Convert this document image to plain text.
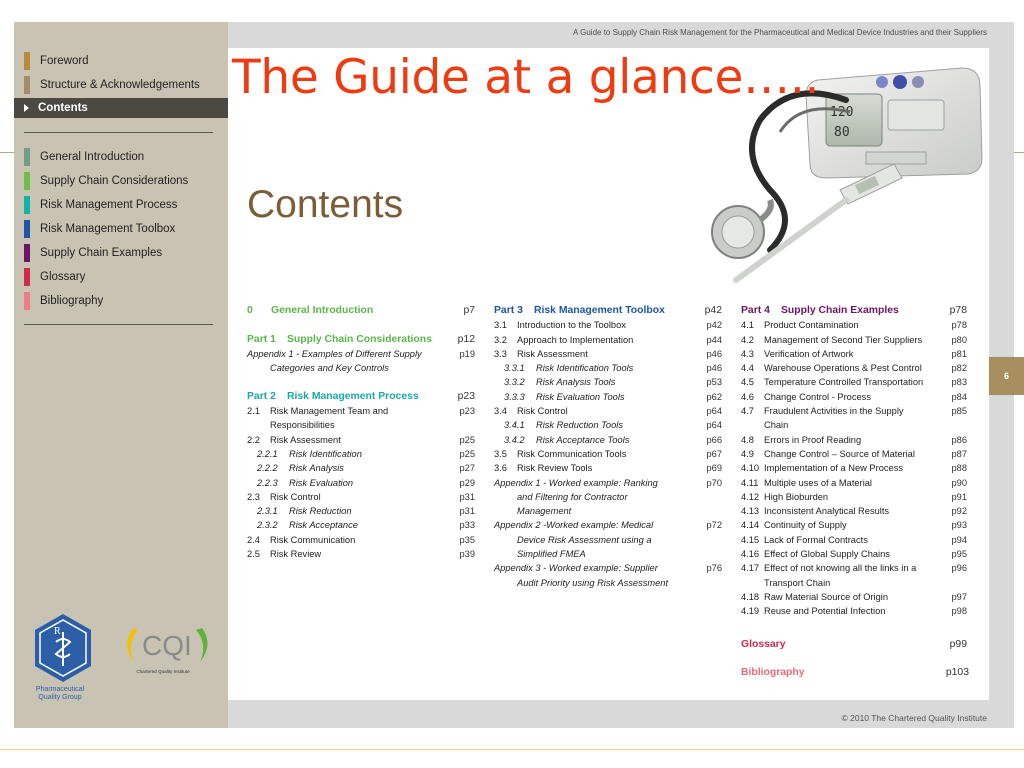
A Guide to Supply Chain Risk Management for the Pharmaceutical and Medical Device Industries and their Suppliers
© 2010 The Chartered Quality Institute
6
Foreword
Structure & Acknowledgements
Contents
General Introduction
Supply Chain Considerations
Risk Management Process
Risk Management Toolbox
Supply Chain Examples
Glossary
Bibliography
R
Pharmaceutical
Quality Group
CQI
Chartered Quality Institute
120
80
The Guide at a glance…..
Contents
0 General Introduction	p7
Part 1 Supply Chain Considerations p12
Appendix 1 - Examples of Different Supply	p19
Categories and Key Controls
Part 2 Risk Management Process	p23
2.1 Risk Management Team and	p23
Responsibilities
2.2 Risk Assessment	p25
2.2.1 Risk Identification	p25
2.2.2 Risk Analysis	p27
2.2.3 Risk Evaluation	p29
2.3 Risk Control	p31
2.3.1 Risk Reduction	p31
2.3.2 Risk Acceptance	p33
2.4 Risk Communication	p35
2.5 Risk Review	p39
Part 3 Risk Management Toolbox	p42
3.1 Introduction to the Toolbox	p42
3.2 Approach to Implementation	p44
3.3 Risk Assessment	p46
3.3.1 Risk Identification Tools	p46
3.3.2 Risk Analysis Tools	p53
3.3.3 Risk Evaluation Tools	p62
3.4 Risk Control	p64
3.4.1 Risk Reduction Tools	p64
3.4.2 Risk Acceptance Tools	p66
3.5 Risk Communication Tools	p67
3.6 Risk Review Tools	p69
Appendix 1 - Worked example: Ranking	p70
and Filtering for Contractor
Management
Appendix 2 -Worked example: Medical	p72
Device Risk Assessment using a
Simplified FMEA
Appendix 3 - Worked example: Supplier	p76
Audit Priority using Risk Assessment
Part 4 Supply Chain Examples	p78
4.1 Product Contamination	p78
4.2 Management of Second Tier Suppliers	p80
4.3 Verification of Artwork	p81
4.4 Warehouse Operations & Pest Control	p82
4.5 Temperature Controlled Transportation	p83
4.6 Change Control - Process	p84
4.7 Fraudulent Activities in the Supply	p85
Chain
4.8 Errors in Proof Reading	p86
4.9 Change Control – Source of Material	p87
4.10 Implementation of a New Process	p88
4.11 Multiple uses of a Material	p90
4.12 High Bioburden	p91
4.13 Inconsistent Analytical Results	p92
4.14 Continuity of Supply	p93
4.15 Lack of Formal Contracts	p94
4.16 Effect of Global Supply Chains	p95
4.17 Effect of not knowing all the links in a	p96
Transport Chain
4.18 Raw Material Source of Origin	p97
4.19 Reuse and Potential Infection	p98
Glossary	p99
Bibliography	p103
